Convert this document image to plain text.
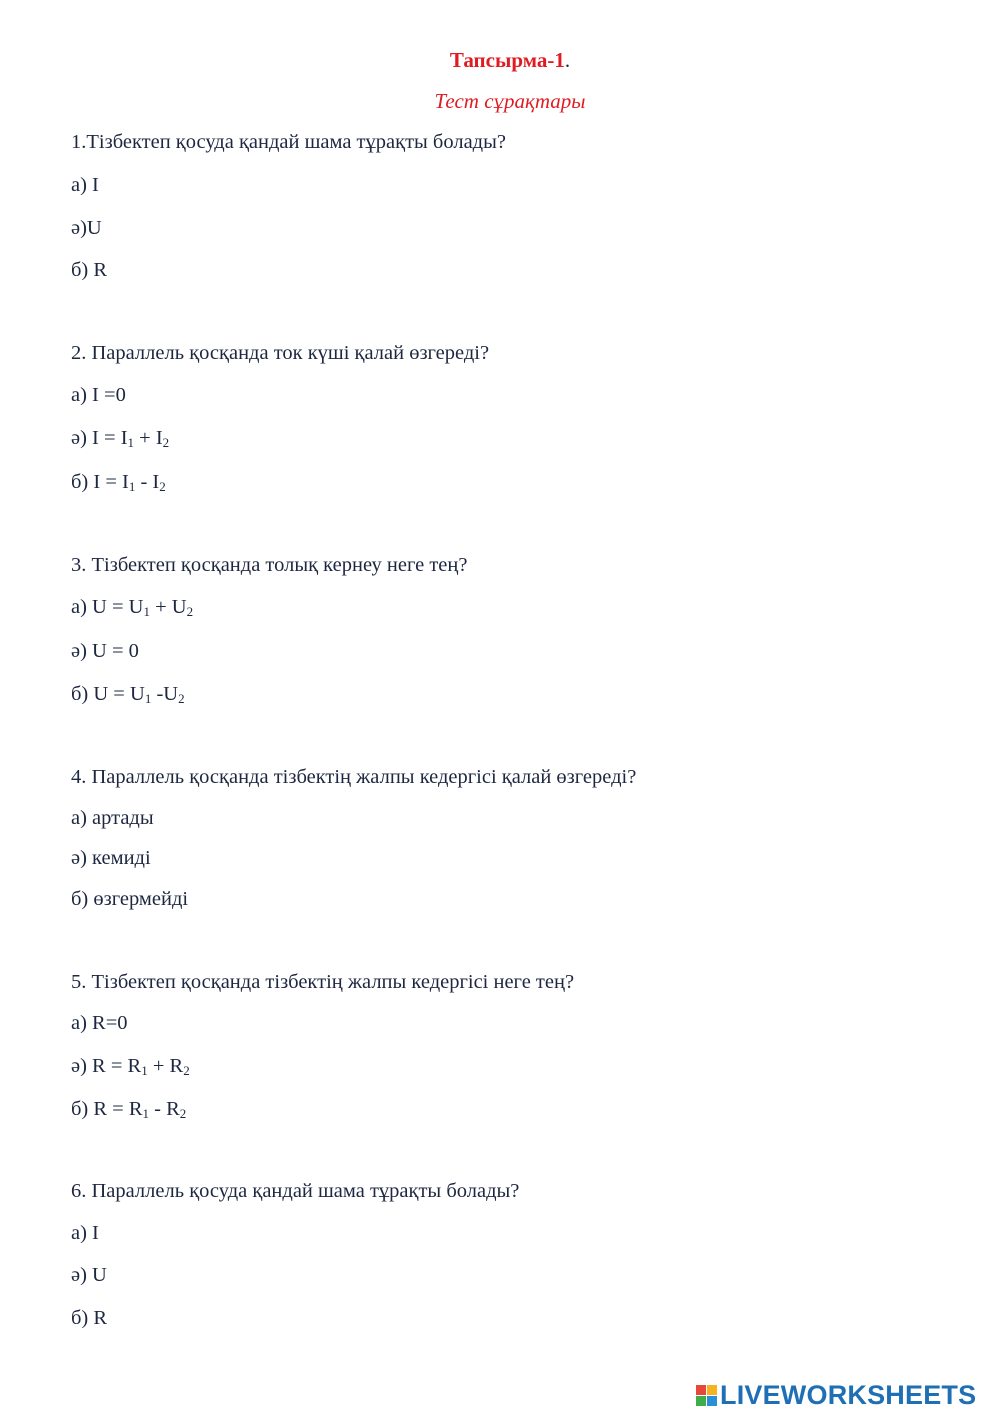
Тапсырма-1.
Тест сұрақтары
1.Тізбектеп қосуда қандай шама тұрақты болады?
а) I
ә)U
б) R
2. Параллель қосқанда ток күші қалай өзгереді?
а) I =0
ә) $I = I_1 + I_2$
б) $I = I_1 - I_2$
3. Тізбектеп қосқанда толық кернеу неге тең?
а) $U = U_1 + U_2$
ә) U = 0
б) $U = U_1$ $-U_2$
4. Параллель қосқанда тізбектің жалпы кедергісі қалай өзгереді?
а) артады
ә) кемиді
б) өзгермейді
5. Тізбектеп қосқанда тізбектің жалпы кедергісі неге тең?
а) R=0
ә) $R = R_1 + R_2$
б) $R = R_1 - R_2$
6. Параллель қосуда қандай шама тұрақты болады?
а) I
ә) U
б) R
LIVEWORKSHEETS
